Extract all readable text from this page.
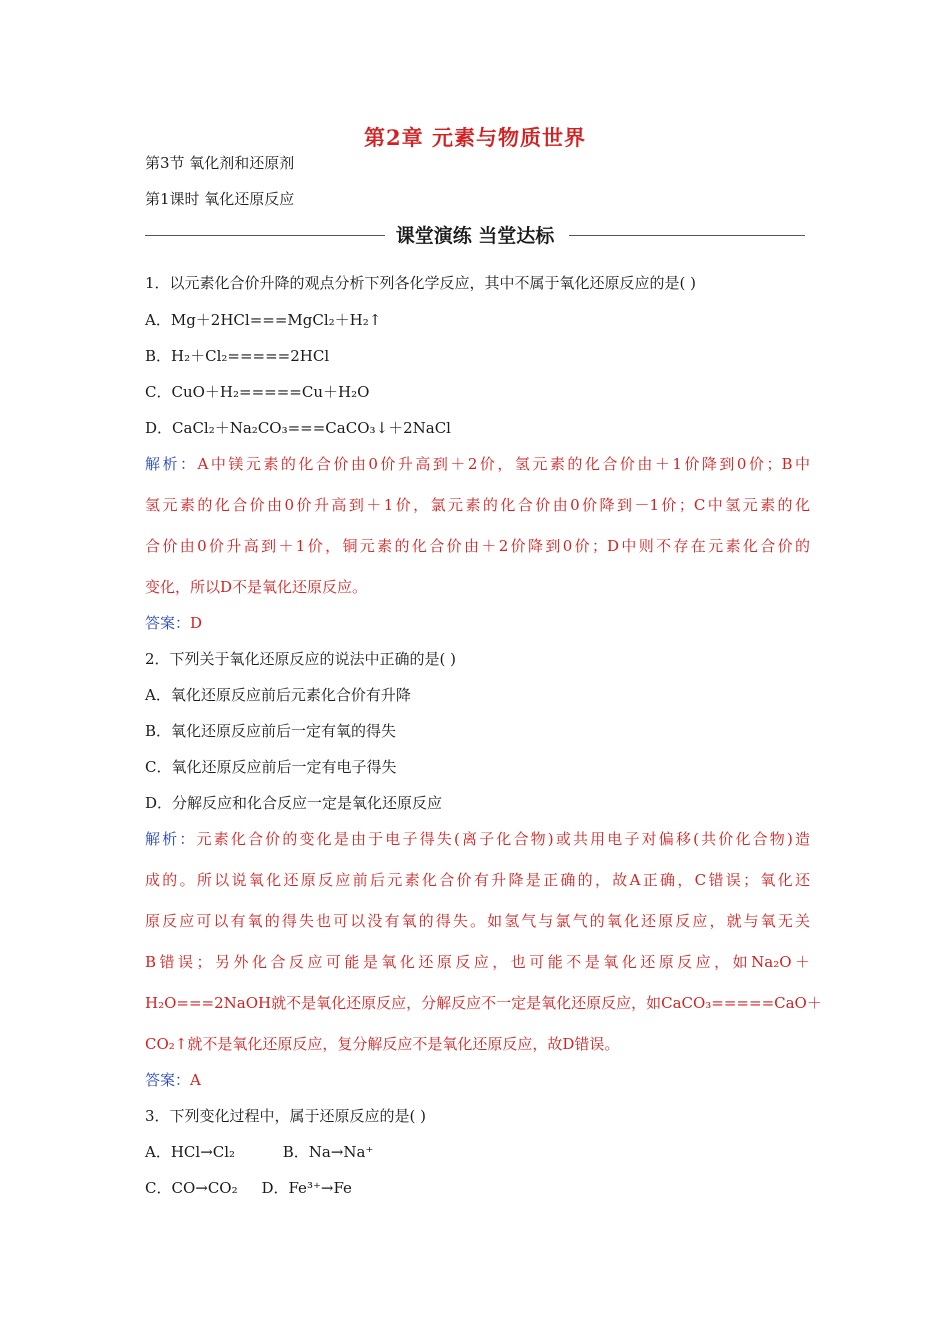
第2章 元素与物质世界
第3节 氧化剂和还原剂
第1课时 氧化还原反应
课堂演练 当堂达标
1．以元素化合价升降的观点分析下列各化学反应，其中不属于氧化还原反应的是( )
A．Mg＋2HCl===MgCl₂＋H₂↑
B．H₂＋Cl₂=====2HCl
C．CuO＋H₂=====Cu＋H₂O
D．CaCl₂＋Na₂CO₃===CaCO₃↓＋2NaCl
解析：A中镁元素的化合价由0价升高到＋2价，氢元素的化合价由＋1价降到0价；B中
氢元素的化合价由0价升高到＋1价，氯元素的化合价由0价降到－1价；C中氢元素的化
合价由0价升高到＋1价，铜元素的化合价由＋2价降到0价；D中则不存在元素化合价的
变化，所以D不是氧化还原反应。
答案：D
2．下列关于氧化还原反应的说法中正确的是( )
A．氧化还原反应前后元素化合价有升降
B．氧化还原反应前后一定有氧的得失
C．氧化还原反应前后一定有电子得失
D．分解反应和化合反应一定是氧化还原反应
解析：元素化合价的变化是由于电子得失(离子化合物)或共用电子对偏移(共价化合物)造
成的。所以说氧化还原反应前后元素化合价有升降是正确的，故A正确，C错误；氧化还
原反应可以有氧的得失也可以没有氧的得失。如氢气与氯气的氧化还原反应，就与氧无关
B错误；另外化合反应可能是氧化还原反应，也可能不是氧化还原反应，如Na₂O＋
H₂O===2NaOH就不是氧化还原反应，分解反应不一定是氧化还原反应，如CaCO₃=====CaO＋
CO₂↑就不是氧化还原反应，复分解反应不是氧化还原反应，故D错误。
答案：A
3．下列变化过程中，属于还原反应的是( )
A．HCl→Cl₂          B．Na→Na⁺
C．CO→CO₂     D．Fe³⁺→Fe
